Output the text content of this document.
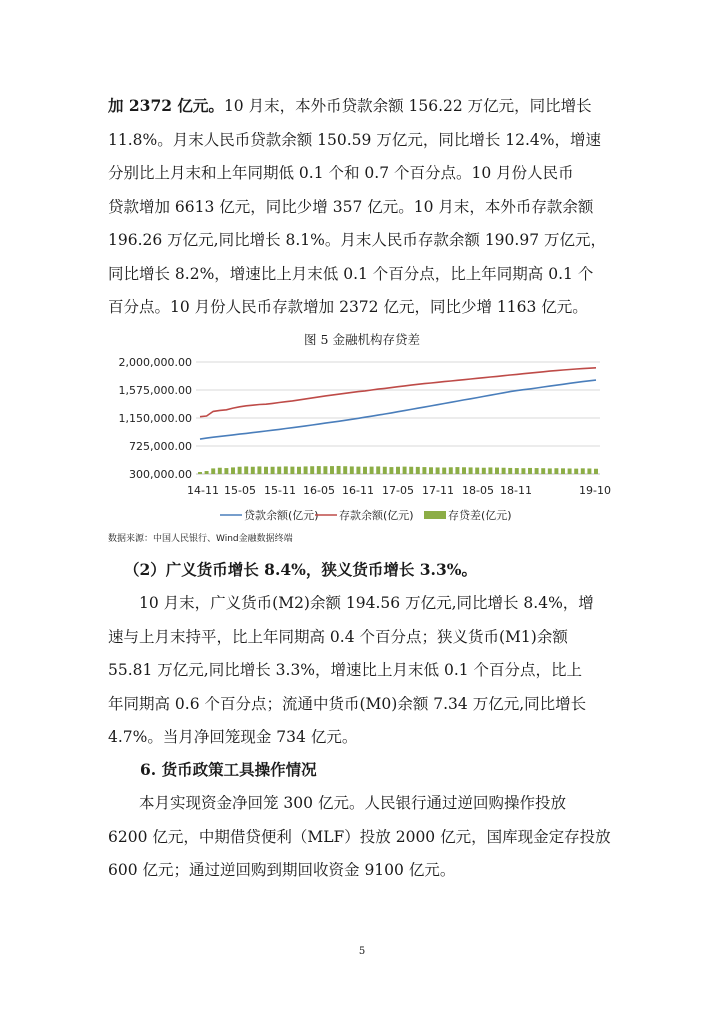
加 2372 亿元。10 月末，本外币贷款余额 156.22 万亿元，同比增长
11.8%。月末人民币贷款余额 150.59 万亿元，同比增长 12.4%，增速
分别比上月末和上年同期低 0.1 个和 0.7 个百分点。10 月份人民币
贷款增加 6613 亿元，同比少增 357 亿元。10 月末，本外币存款余额
196.26 万亿元,同比增长 8.1%。月末人民币存款余额 190.97 万亿元，
同比增长 8.2%，增速比上月末低 0.1 个百分点，比上年同期高 0.1 个
百分点。10 月份人民币存款增加 2372 亿元，同比少增 1163 亿元。
图 5 金融机构存贷差
2,000,000.00
1,575,000.00
1,150,000.00
725,000.00
300,000.00
14-11 15-05 15-11 16-05 16-11 17-05 17-11 18-05 18-11	19-10
贷款余额(亿元) 存款余额(亿元)	存贷差(亿元)
数据来源：中国人民银行、Wind金融数据终端
（2）广义货币增长 8.4%，狭义货币增长 3.3%。
10 月末，广义货币(M2)余额 194.56 万亿元,同比增长 8.4%，增
速与上月末持平，比上年同期高 0.4 个百分点；狭义货币(M1)余额
55.81 万亿元,同比增长 3.3%，增速比上月末低 0.1 个百分点，比上
年同期高 0.6 个百分点；流通中货币(M0)余额 7.34 万亿元,同比增长
4.7%。当月净回笼现金 734 亿元。
6. 货币政策工具操作情况
本月实现资金净回笼 300 亿元。人民银行通过逆回购操作投放
6200 亿元，中期借贷便利（MLF）投放 2000 亿元，国库现金定存投放
600 亿元；通过逆回购到期回收资金 9100 亿元。
5
